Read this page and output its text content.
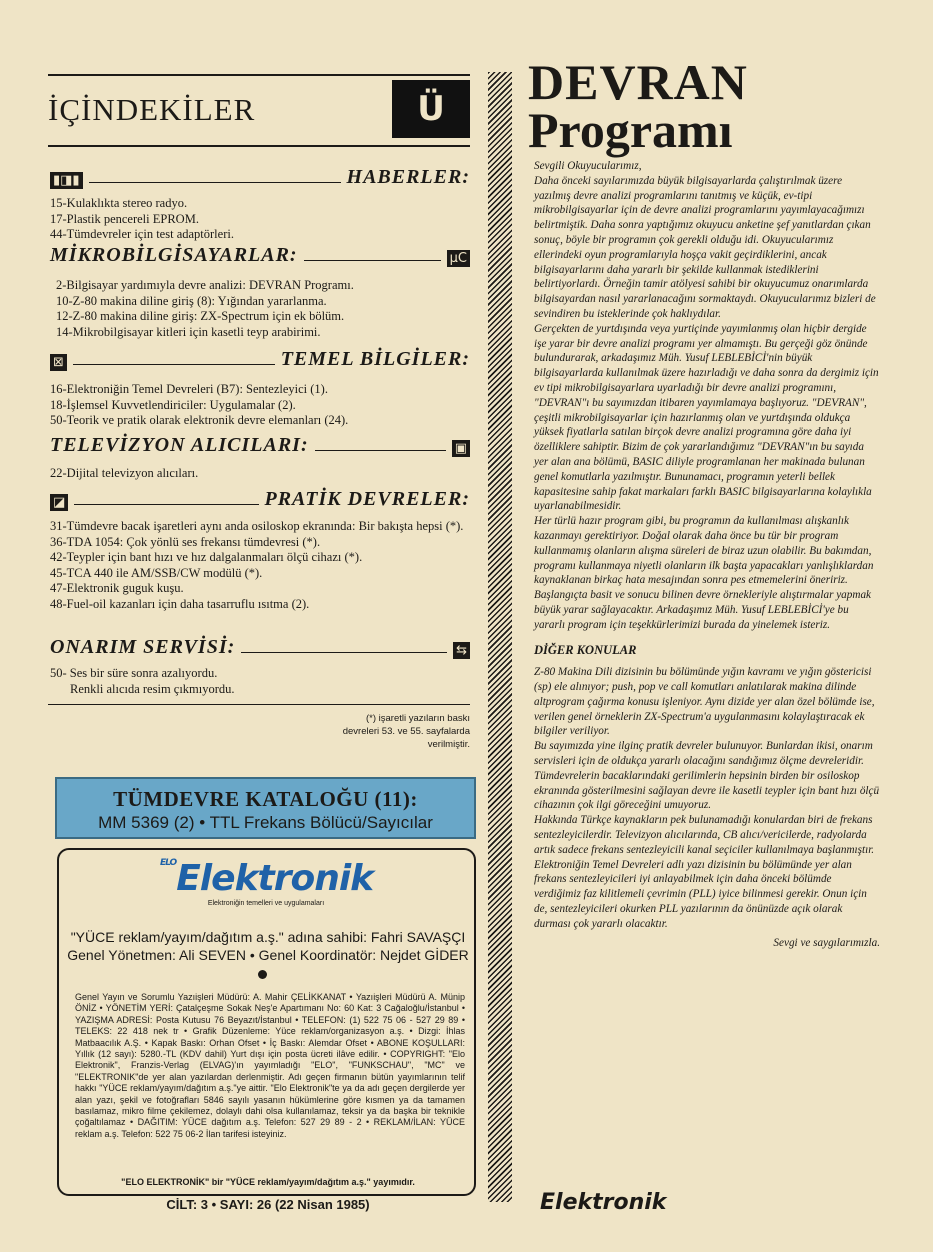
İÇİNDEKİLER	Ü
▮◨▮	HABERLER:
15-Kulaklıkta stereo radyo.
17-Plastik pencereli EPROM.
44-Tümdevreler için test adaptörleri.
MİKROBİLGİSAYARLAR:	μC
2-Bilgisayar yardımıyla devre analizi: DEVRAN Programı.
10-Z-80 makina diline giriş (8): Yığından yararlanma.
12-Z-80 makina diline giriş: ZX-Spectrum için ek bölüm.
14-Mikrobilgisayar kitleri için kasetli teyp arabirimi.
⊠	TEMEL BİLGİLER:
16-Elektroniğin Temel Devreleri (B7): Sentezleyici (1).
18-İşlemsel Kuvvetlendiriciler: Uygulamalar (2).
50-Teorik ve pratik olarak elektronik devre elemanları (24).
TELEVİZYON ALICILARI:	▣
22-Dijital televizyon alıcıları.
◪	PRATİK DEVRELER:
31-Tümdevre bacak işaretleri aynı anda osiloskop ekranında: Bir bakışta hepsi (*).
36-TDA 1054: Çok yönlü ses frekansı tümdevresi (*).
42-Teypler için bant hızı ve hız dalgalanmaları ölçü cihazı (*).
45-TCA 440 ile AM/SSB/CW modülü (*).
47-Elektronik guguk kuşu.
48-Fuel-oil kazanları için daha tasarruflu ısıtma (2).
ONARIM SERVİSİ:	⇆
50- Ses bir süre sonra azalıyordu.
Renkli alıcıda resim çıkmıyordu.
(*) işaretli yazıların baskı devreleri 53. ve 55. sayfalarda verilmiştir.
TÜMDEVRE KATALOĞU (11):
MM 5369 (2) • TTL Frekans Bölücü/Sayıcılar
$^{ELO}$Elektronik
Elektroniğin temelleri ve uygulamaları
"YÜCE reklam/yayım/dağıtım a.ş." adına sahibi: Fahri SAVAŞÇI
Genel Yönetmen: Ali SEVEN • Genel Koordinatör: Nejdet GİDER
Genel Yayın ve Sorumlu Yazıişleri Müdürü: A. Mahir ÇELİKKANAT • Yazıişleri Müdürü A. Münip ÖNİZ • YÖNETİM YERİ: Çatalçeşme Sokak Neş'e Apartımanı No: 60 Kat: 3 Cağaloğlu/İstanbul • YAZIŞMA ADRESİ: Posta Kutusu 76 Beyazıt/İstanbul • TELEFON: (1) 522 75 06 - 527 29 89 • TELEKS: 22 418 nek tr • Grafik Düzenleme: Yüce reklam/organizasyon a.ş. • Dizgi: İhlas Matbaacılık A.Ş. • Kapak Baskı: Orhan Ofset • İç Baskı: Alemdar Ofset • ABONE KOŞULLARI: Yıllık (12 sayı): 5280.-TL (KDV dahil) Yurt dışı için posta ücreti ilâve edilir. • COPYRIGHT: "Elo Elektronik", Franzis-Verlag (ELVAG)'ın yayımladığı "ELO", "FUNKSCHAU", "MC" ve "ELEKTRONIK"de yer alan yazılardan derlenmiştir. Adı geçen firmanın bütün yayımlarının telif hakkı "YÜCE reklam/yayım/dağıtım a.ş."ye aittir. "Elo Elektronik"te ya da adı geçen dergilerde yer alan yazı, şekil ve fotoğrafları 5846 sayılı yasanın hükümlerine göre kısmen ya da tamamen basılamaz, mikro filme çekilemez, dolaylı dahi olsa kullanılamaz, teksir ya da başka bir teknikle çoğaltılamaz • DAĞITIM: YÜCE dağıtım a.ş. Telefon: 527 29 89 - 2 • REKLAM/İLAN: YÜCE reklam a.ş. Telefon: 522 75 06-2 İlan tarifesi isteyiniz.
"ELO ELEKTRONİK" bir "YÜCE reklam/yayım/dağıtım a.ş." yayımıdır.
CİLT: 3 • SAYI: 26 (22 Nisan 1985)
DEVRAN
Programı

Sevgili Okuyucularımız,

Daha önceki sayılarımızda büyük bilgisayarlarda çalıştırılmak üzere yazılmış devre analizi programlarını tanıtmış ve küçük, ev-tipi mikrobilgisayarlar için de devre analizi programlarını yayımlayacağımızı belirtmiştik. Daha sonra yaptığımız okuyucu anketine şef yanıtlardan çıkan sonuç, böyle bir programın çok gerekli olduğu idi. Okuyucularımız ellerindeki oyun programlarıyla hoşça vakit geçirdiklerini, ancak bilgisayarlarını daha yararlı bir şekilde kullanmak istediklerini belirtiyorlardı. Örneğin tamir atölyesi sahibi bir okuyucumuz onarımlarda bilgisayardan nasıl yararlanacağını sormaktaydı. Okuyucularımız bizleri de sevindiren bu isteklerinde çok haklıydılar.

Gerçekten de yurtdışında veya yurtiçinde yayımlanmış olan hiçbir dergide işe yarar bir devre analizi programı yer almamıştı. Bu gerçeği göz önünde bulundurarak, arkadaşımız Müh. Yusuf LEBLEBİCİ'nin büyük bilgisayarlarda kullanılmak üzere hazırladığı ve daha sonra da dergimiz için ev tipi mikrobilgisayarlara uyarladığı bir devre analizi programını, "DEVRAN"ı bu sayımızdan itibaren yayımlamaya başlıyoruz. "DEVRAN", çeşitli mikrobilgisayarlar için hazırlanmış olan ve yurtdışında oldukça yüksek fiyatlarla satılan birçok devre analizi programına göre daha iyi özelliklere sahiptir. Bizim de çok yararlandığımız "DEVRAN"ın bu sayıda yer alan ana bölümü, BASIC diliyle programlanan her makinada bulunan genel komutlarla yazılmıştır. Bununamacı, programın yeterli bellek kapasitesine sahip fakat markaları farklı BASIC bilgisayarlarına kolaylıkla uyarlanabilmesidir.

Her türlü hazır program gibi, bu programın da kullanılması alışkanlık kazanmayı gerektiriyor. Doğal olarak daha önce bu tür bir program kullanmamış olanların alışma süreleri de biraz uzun olabilir. Bu bakımdan, programı kullanmaya niyetli olanların ilk başta yapacakları yanlışlıklardan kaynaklanan birkaç hata mesajından sonra pes etmemelerini öneririz. Başlangıçta basit ve sonucu bilinen devre örnekleriyle alıştırmalar yapmak büyük yarar sağlayacaktır. Arkadaşımız Müh. Yusuf LEBLEBİCİ'ye bu yararlı program için teşekkürlerimizi burada da yinelemek isteriz.

DİĞER KONULAR

Z-80 Makina Dili dizisinin bu bölümünde yığın kavramı ve yığın göstericisi (sp) ele alınıyor; push, pop ve call komutları anlatılarak makina dilinde altprogram çağırma konusu işleniyor. Aynı dizide yer alan özel bölümde ise, verilen genel örneklerin ZX-Spectrum'a uygulanmasını kolaylaştıracak ek bilgiler veriliyor.

Bu sayımızda yine ilginç pratik devreler bulunuyor. Bunlardan ikisi, onarım servisleri için de oldukça yararlı olacağını sandığımız ölçme devreleridir. Tümdevrelerin bacaklarındaki gerilimlerin hepsinin birden bir osiloskop ekranında gösterilmesini sağlayan devre ile kasetli teypler için bant hızı ölçü cihazının çok ilgi göreceğini umuyoruz.

Hakkında Türkçe kaynakların pek bulunamadığı konulardan biri de frekans sentezleyicilerdir. Televizyon alıcılarında, CB alıcı/vericilerde, radyolarda artık sadece frekans sentezleyicili kanal seçiciler kullanılmaya başlanmıştır.

Elektroniğin Temel Devreleri adlı yazı dizisinin bu bölümünde yer alan frekans sentezleyicileri iyi anlayabilmek için daha önceki bölümde verdiğimiz faz kilitlemeli çevrimin (PLL) iyice bilinmesi gerekir. Onun için de, sentezleyicileri okurken PLL yazılarının da önünüzde açık olarak durması çok yararlı olacaktır.

Sevgi ve saygılarımızla.

Elektronik
